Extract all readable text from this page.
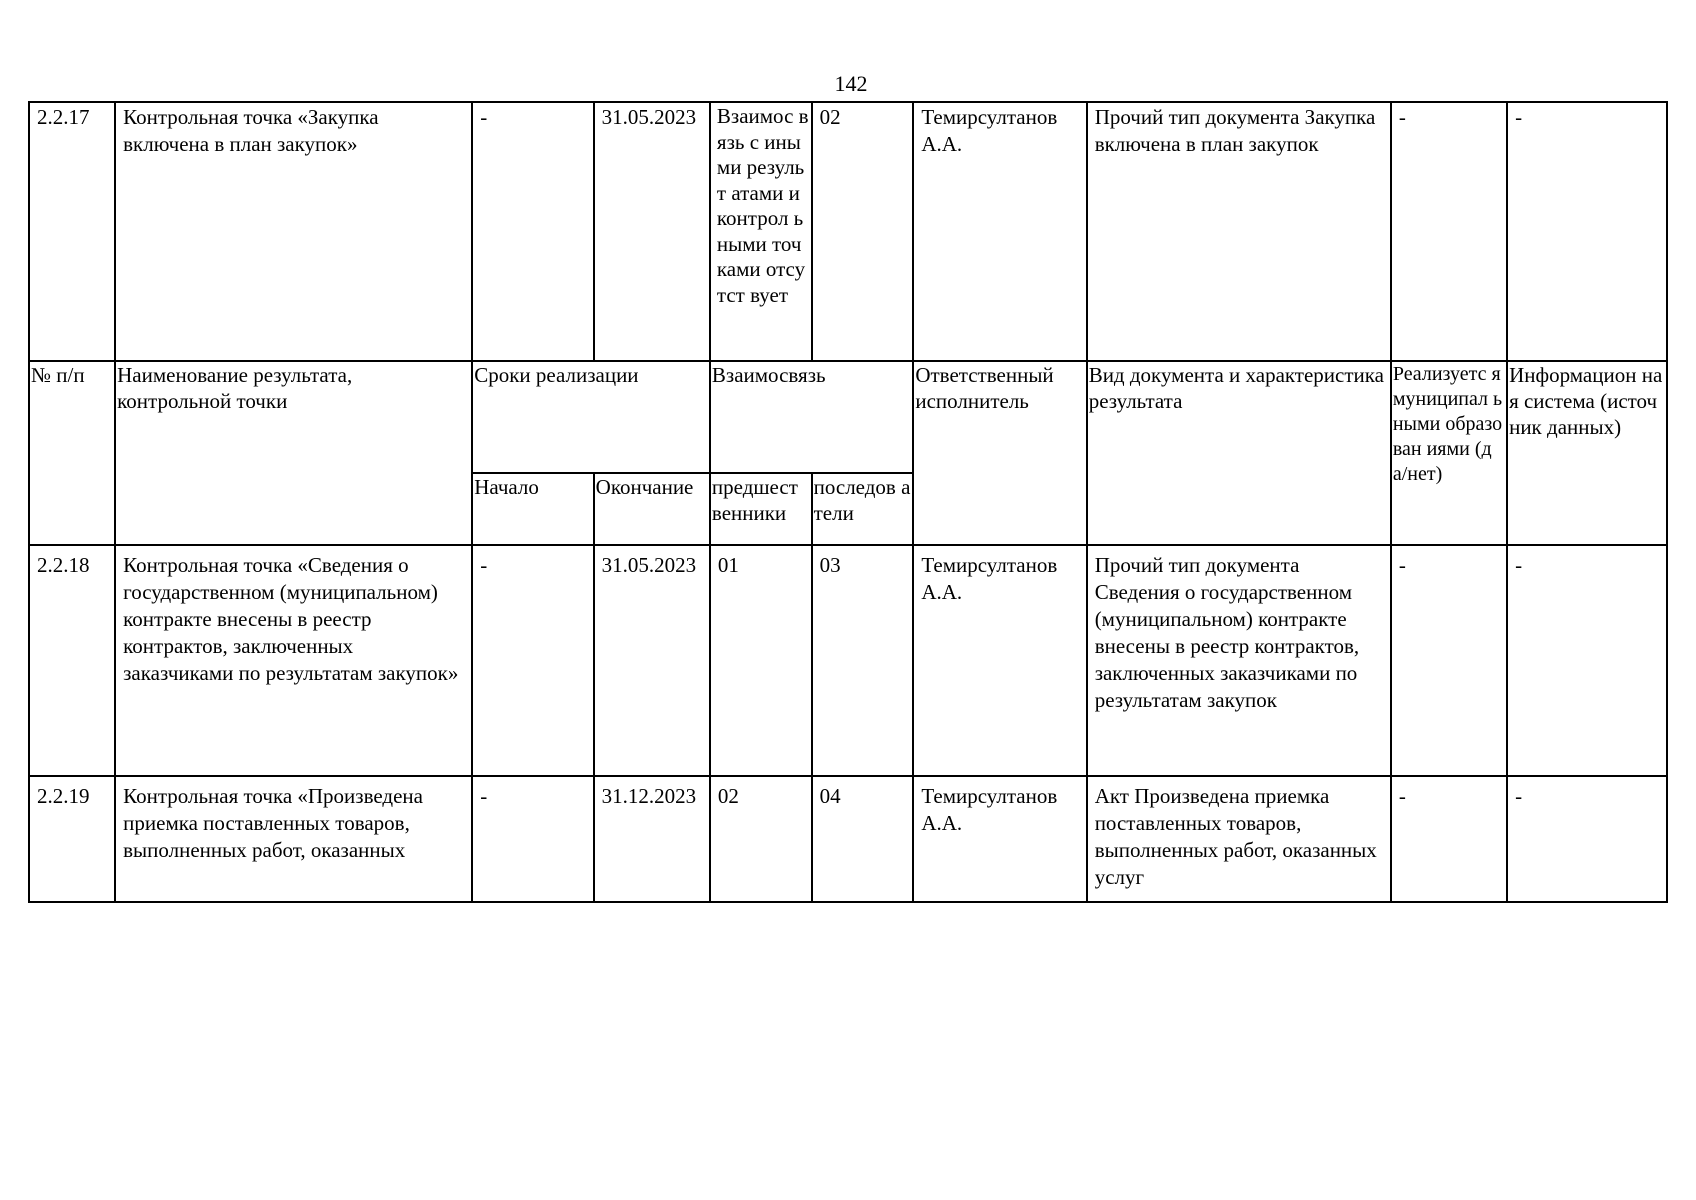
142
2.2.17	Контрольная точка «Закупка включена в план закупок»	-	31.05.2023	Взаимос вязь с иными результ атами и контрол ьными точками отсутст вует	02	Темирсултанов А.А.	Прочий тип документа Закупка включена в план закупок	-	-

№ п/п	Наименование результата, контрольной точки	Сроки реализации		Взаимосвязь		Ответственный исполнитель	Вид документа и характеристика результата	Реализуетс я муниципал ьными образован иями (да/нет)	Информацион ная система (источник данных)

		Начало	Окончание	предшест венники	последов атели				

2.2.18	Контрольная точка «Сведения о государственном (муниципальном) контракте внесены в реестр контрактов, заключенных заказчиками по результатам закупок»	-	31.05.2023	01	03	Темирсултанов А.А.	Прочий тип документа Сведения о государственном (муниципальном) контракте внесены в реестр контрактов, заключенных заказчиками по результатам закупок	-	-

2.2.19	Контрольная точка «Произведена приемка поставленных товаров, выполненных работ, оказанных	-	31.12.2023	02	04	Темирсултанов А.А.	Акт Произведена приемка поставленных товаров, выполненных работ, оказанных услуг	-	-
